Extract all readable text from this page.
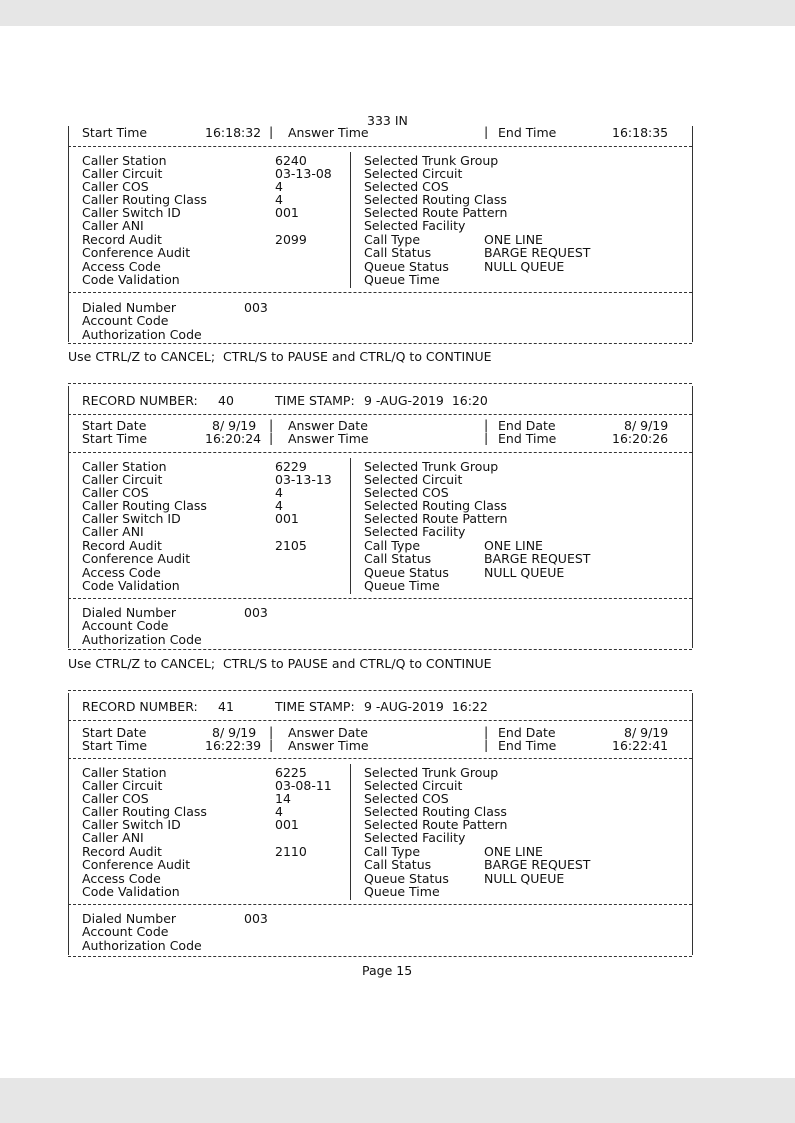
333 IN
Start Time	16:18:32 | Answer Time	| End Time	16:18:35
Caller Station	6240	Selected Trunk Group
Caller Circuit	03-13-08	Selected Circuit
Caller COS	4	Selected COS
Caller Routing Class	4	Selected Routing Class
Caller Switch ID	001	Selected Route Pattern
Caller ANI	Selected Facility
Record Audit	2099	Call Type	ONE LINE
Conference Audit	Call Status	BARGE REQUEST
Access Code	Queue Status	NULL QUEUE
Code Validation	Queue Time
Dialed Number	003
Account Code
Authorization Code
Use CTRL/Z to CANCEL;  CTRL/S to PAUSE and CTRL/Q to CONTINUE
RECORD NUMBER: 40	TIME STAMP: 9 -AUG-2019  16:20
Start Date	8/ 9/19 | Answer Date	| End Date	8/ 9/19
Start Time	16:20:24 | Answer Time	| End Time	16:20:26
Caller Station	6229	Selected Trunk Group
Caller Circuit	03-13-13	Selected Circuit
Caller COS	4	Selected COS
Caller Routing Class	4	Selected Routing Class
Caller Switch ID	001	Selected Route Pattern
Caller ANI	Selected Facility
Record Audit	2105	Call Type	ONE LINE
Conference Audit	Call Status	BARGE REQUEST
Access Code	Queue Status	NULL QUEUE
Code Validation	Queue Time
Dialed Number	003
Account Code
Authorization Code
Use CTRL/Z to CANCEL;  CTRL/S to PAUSE and CTRL/Q to CONTINUE
RECORD NUMBER: 41	TIME STAMP: 9 -AUG-2019  16:22
Start Date	8/ 9/19 | Answer Date	| End Date	8/ 9/19
Start Time	16:22:39 | Answer Time	| End Time	16:22:41
Caller Station	6225	Selected Trunk Group
Caller Circuit	03-08-11	Selected Circuit
Caller COS	14	Selected COS
Caller Routing Class	4	Selected Routing Class
Caller Switch ID	001	Selected Route Pattern
Caller ANI	Selected Facility
Record Audit	2110	Call Type	ONE LINE
Conference Audit	Call Status	BARGE REQUEST
Access Code	Queue Status	NULL QUEUE
Code Validation	Queue Time
Dialed Number	003
Account Code
Authorization Code
Page 15
